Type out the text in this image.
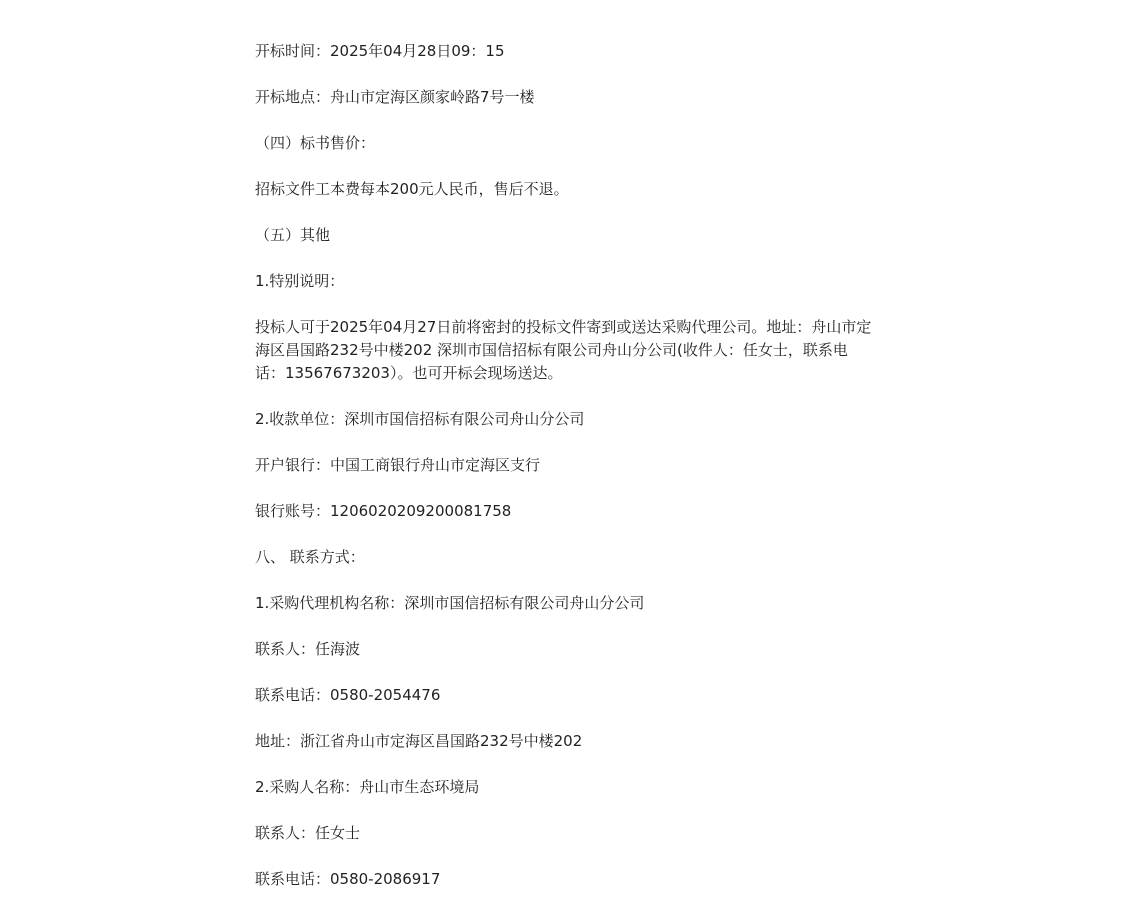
开标时间：2025年04月28日09：15

开标地点：舟山市定海区颜家岭路7号一楼

（四）标书售价：

招标文件工本费每本200元人民币，售后不退。

（五）其他

1.特别说明：

投标人可于2025年04月27日前将密封的投标文件寄到或送达采购代理公司。地址：舟山市定海区昌国路232号中楼202 深圳市国信招标有限公司舟山分公司(收件人：任女士，联系电话：13567673203）。也可开标会现场送达。

2.收款单位：深圳市国信招标有限公司舟山分公司

开户银行：中国工商银行舟山市定海区支行

银行账号：1206020209200081758

八、 联系方式：

1.采购代理机构名称：深圳市国信招标有限公司舟山分公司

联系人：任海波

联系电话：0580-2054476

地址：浙江省舟山市定海区昌国路232号中楼202

2.采购人名称：舟山市生态环境局

联系人：任女士

联系电话：0580-2086917
